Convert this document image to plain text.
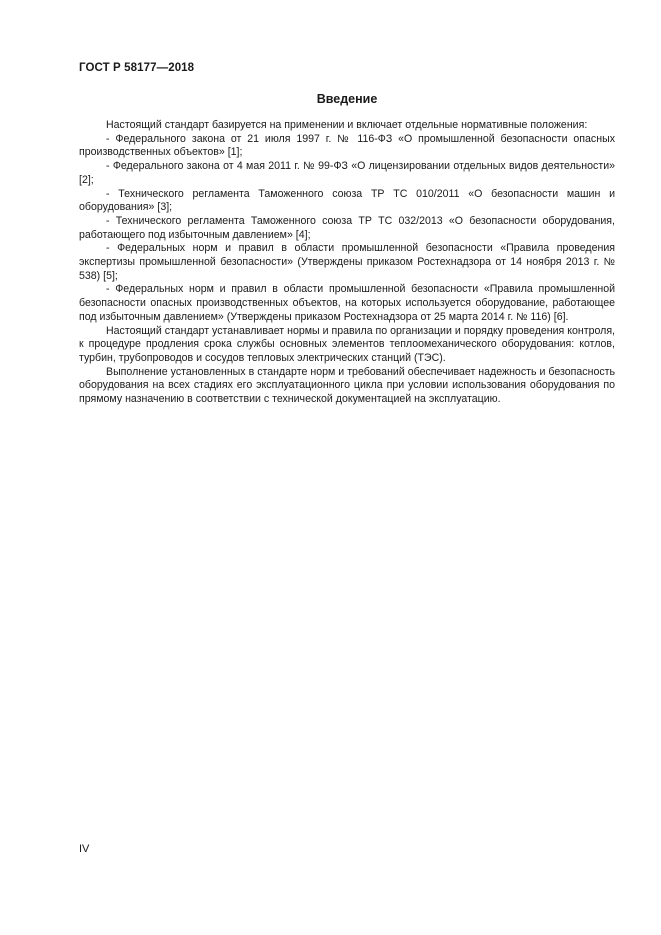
ГОСТ Р 58177—2018
Введение

Настоящий стандарт базируется на применении и включает отдельные нормативные положения:

- Федерального закона от 21 июля 1997 г. № 116-ФЗ «О промышленной безопасности опасных производственных объектов» [1];

- Федерального закона от 4 мая 2011 г. № 99-ФЗ «О лицензировании отдельных видов деятельности» [2];

- Технического регламента Таможенного союза ТР ТС 010/2011 «О безопасности машин и оборудования» [3];

- Технического регламента Таможенного союза ТР ТС 032/2013 «О безопасности оборудования, работающего под избыточным давлением» [4];

- Федеральных норм и правил в области промышленной безопасности «Правила проведения экспертизы промышленной безопасности» (Утверждены приказом Ростехнадзора от 14 ноября 2013 г. № 538) [5];

- Федеральных норм и правил в области промышленной безопасности «Правила промышленной безопасности опасных производственных объектов, на которых используется оборудование, работающее под избыточным давлением» (Утверждены приказом Ростехнадзора от 25 марта 2014 г. № 116) [6].

Настоящий стандарт устанавливает нормы и правила по организации и порядку проведения контроля, к процедуре продления срока службы основных элементов теплоомеханического оборудования: котлов, турбин, трубопроводов и сосудов тепловых электрических станций (ТЭС).

Выполнение установленных в стандарте норм и требований обеспечивает надежность и безопасность оборудования на всех стадиях его эксплуатационного цикла при условии использования оборудования по прямому назначению в соответствии с технической документацией на эксплуатацию.

IV
